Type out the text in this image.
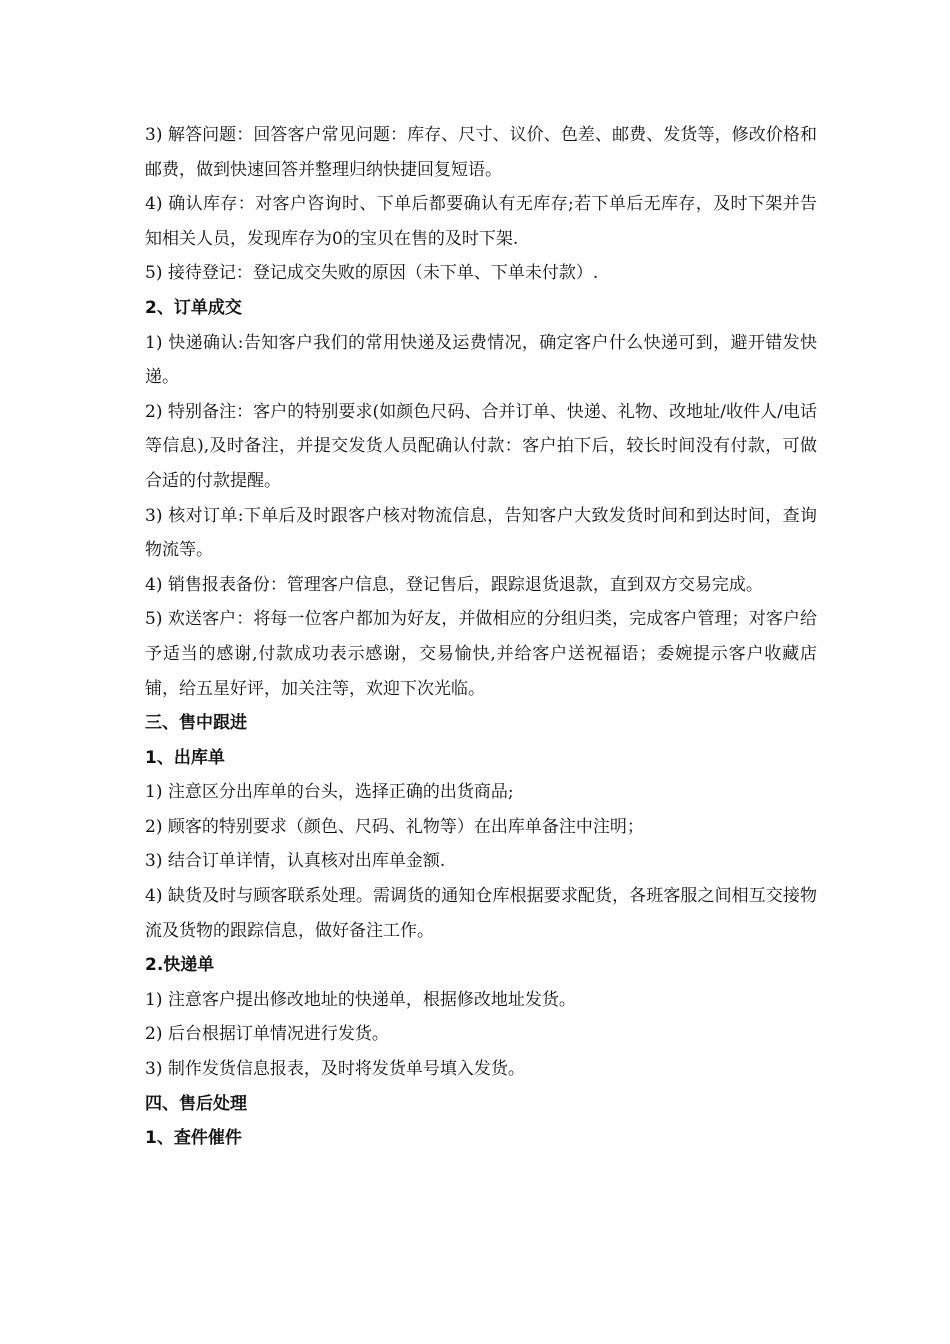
3) 解答问题：回答客户常见问题：库存、尺寸、议价、色差、邮费、发货等，修改价格和邮费，做到快速回答并整理归纳快捷回复短语。

4) 确认库存：对客户咨询时、下单后都要确认有无库存;若下单后无库存，及时下架并告知相关人员，发现库存为0的宝贝在售的及时下架.

5) 接待登记：登记成交失败的原因（未下单、下单未付款）.

2、订单成交

1) 快递确认:告知客户我们的常用快递及运费情况，确定客户什么快递可到，避开错发快递。

2) 特别备注：客户的特别要求(如颜色尺码、合并订单、快递、礼物、改地址/收件人/电话等信息),及时备注，并提交发货人员配确认付款：客户拍下后，较长时间没有付款，可做合适的付款提醒。

3) 核对订单:下单后及时跟客户核对物流信息，告知客户大致发货时间和到达时间，查询物流等。

4) 销售报表备份：管理客户信息，登记售后，跟踪退货退款，直到双方交易完成。

5) 欢送客户：将每一位客户都加为好友，并做相应的分组归类，完成客户管理；对客户给予适当的感谢,付款成功表示感谢，交易愉快,并给客户送祝福语；委婉提示客户收藏店铺，给五星好评，加关注等，欢迎下次光临。

三、售中跟进
1、出库单

1) 注意区分出库单的台头，选择正确的出货商品;

2) 顾客的特别要求（颜色、尺码、礼物等）在出库单备注中注明；

3) 结合订单详情，认真核对出库单金额.

4) 缺货及时与顾客联系处理。需调货的通知仓库根据要求配货，各班客服之间相互交接物流及货物的跟踪信息，做好备注工作。

2.快递单

1) 注意客户提出修改地址的快递单，根据修改地址发货。

2) 后台根据订单情况进行发货。

3) 制作发货信息报表，及时将发货单号填入发货。

四、售后处理
1、查件催件
